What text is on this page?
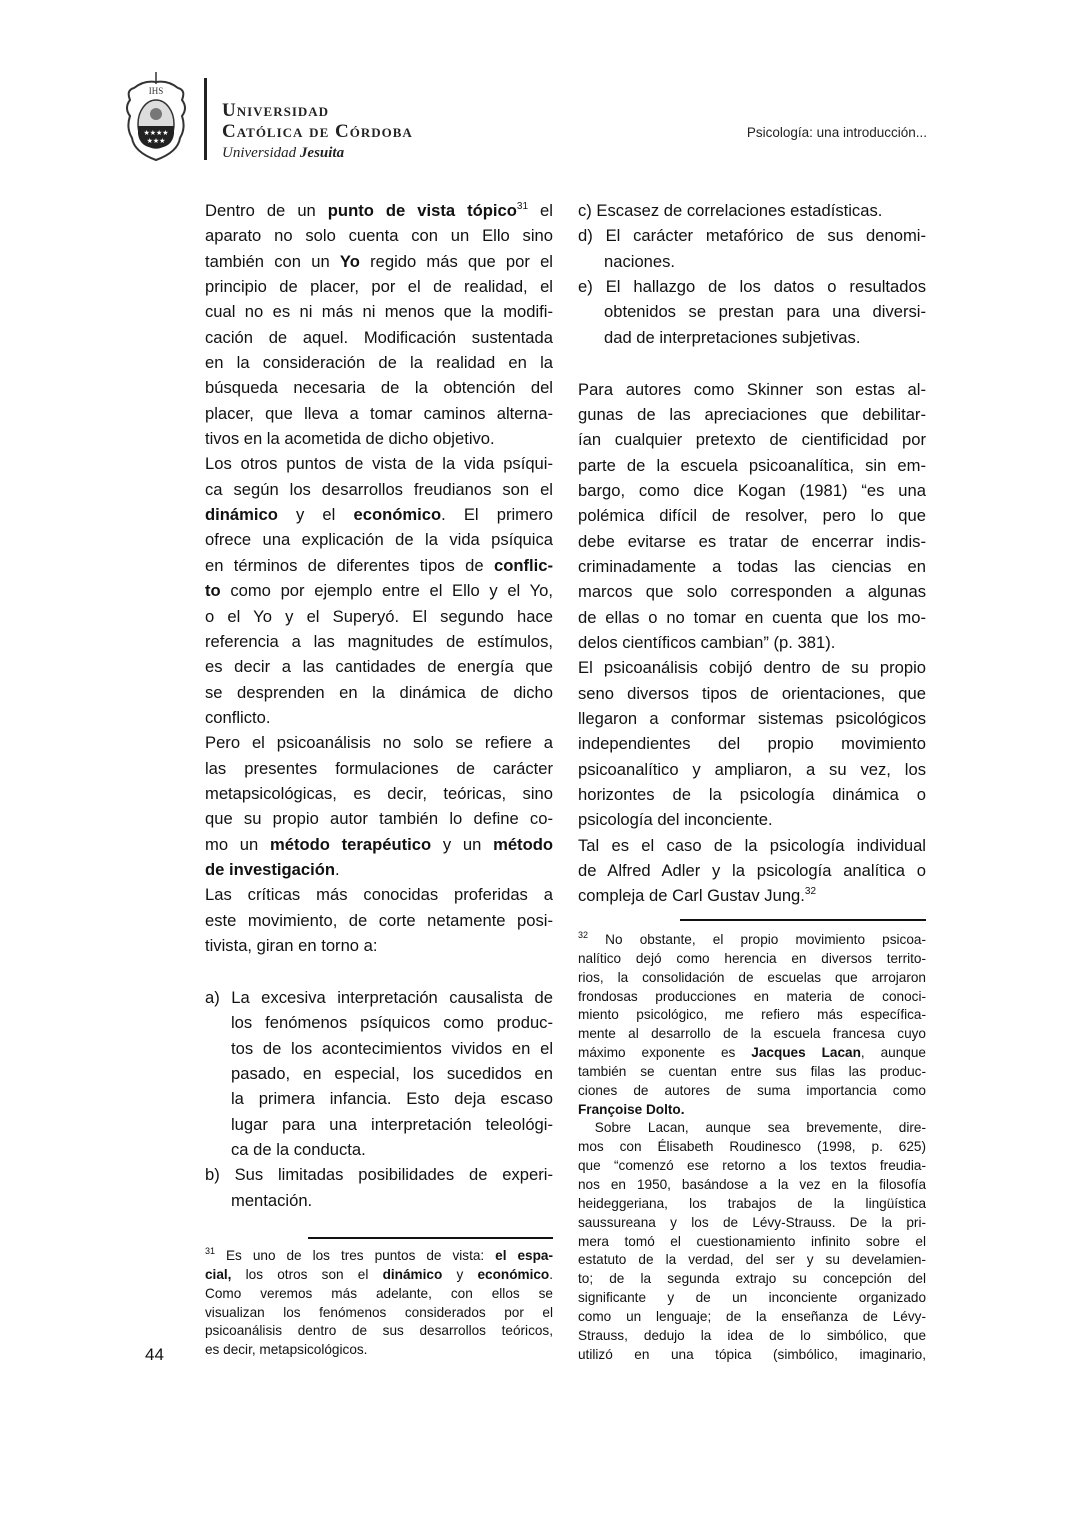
IHS
★★★★
★★★
Universidad
Católica de Córdoba
Universidad Jesuita
Psicología: una introducción...
Dentro de un punto de vista tópico$^{31}$ el
aparato no solo cuenta con un Ello sino
también con un Yo regido más que por el
principio de placer, por el de realidad, el
cual no es ni más ni menos que la modifi-
cación de aquel. Modificación sustentada
en la consideración de la realidad en la
búsqueda necesaria de la obtención del
placer, que lleva a tomar caminos alterna-
tivos en la acometida de dicho objetivo.
Los otros puntos de vista de la vida psíqui-
ca según los desarrollos freudianos son el
dinámico y el económico. El primero
ofrece una explicación de la vida psíquica
en términos de diferentes tipos de conflic-
to como por ejemplo entre el Ello y el Yo,
o el Yo y el Superyó. El segundo hace
referencia a las magnitudes de estímulos,
es decir a las cantidades de energía que
se desprenden en la dinámica de dicho
conflicto.
Pero el psicoanálisis no solo se refiere a
las presentes formulaciones de carácter
metapsicológicas, es decir, teóricas, sino
que su propio autor también lo define co-
mo un método terapéutico y un método
de investigación.
Las críticas más conocidas proferidas a
este movimiento, de corte netamente posi-
tivista, giran en torno a:
a) La excesiva interpretación causalista de
los fenómenos psíquicos como produc-
tos de los acontecimientos vividos en el
pasado, en especial, los sucedidos en
la primera infancia. Esto deja escaso
lugar para una interpretación teleológi-
ca de la conducta.
b) Sus limitadas posibilidades de experi-
mentación.
c) Escasez de correlaciones estadísticas.
d) El carácter metafórico de sus denomi-
naciones.
e) El hallazgo de los datos o resultados
obtenidos se prestan para una diversi-
dad de interpretaciones subjetivas.
Para autores como Skinner son estas al-
gunas de las apreciaciones que debilitar-
ían cualquier pretexto de cientificidad por
parte de la escuela psicoanalítica, sin em-
bargo, como dice Kogan (1981) “es una
polémica difícil de resolver, pero lo que
debe evitarse es tratar de encerrar indis-
criminadamente a todas las ciencias en
marcos que solo corresponden a algunas
de ellas o no tomar en cuenta que los mo-
delos científicos cambian” (p. 381).
El psicoanálisis cobijó dentro de su propio
seno diversos tipos de orientaciones, que
llegaron a conformar sistemas psicológicos
independientes del propio movimiento
psicoanalítico y ampliaron, a su vez, los
horizontes de la psicología dinámica o
psicología del inconciente.
Tal es el caso de la psicología individual
de Alfred Adler y la psicología analítica o
compleja de Carl Gustav Jung.$^{32}$
$^{31}$ Es uno de los tres puntos de vista: el espa-
cial, los otros son el dinámico y económico.
Como veremos más adelante, con ellos se
visualizan los fenómenos considerados por el
psicoanálisis dentro de sus desarrollos teóricos,
es decir, metapsicológicos.
$^{32}$ No obstante, el propio movimiento psicoa-
nalítico dejó como herencia en diversos territo-
rios, la consolidación de escuelas que arrojaron
frondosas producciones en materia de conoci-
miento psicológico, me refiero más específica-
mente al desarrollo de la escuela francesa cuyo
máximo exponente es Jacques Lacan, aunque
también se cuentan entre sus filas las produc-
ciones de autores de suma importancia como
Françoise Dolto.
Sobre Lacan, aunque sea brevemente, dire-
mos con Élisabeth Roudinesco (1998, p. 625)
que “comenzó ese retorno a los textos freudia-
nos en 1950, basándose a la vez en la filosofía
heideggeriana, los trabajos de la lingüística
saussureana y los de Lévy-Strauss. De la pri-
mera tomó el cuestionamiento infinito sobre el
estatuto de la verdad, del ser y su develamien-
to; de la segunda extrajo su concepción del
significante y de un inconciente organizado
como un lenguaje; de la enseñanza de Lévy-
Strauss, dedujo la idea de lo simbólico, que
utilizó en una tópica (simbólico, imaginario,
44
